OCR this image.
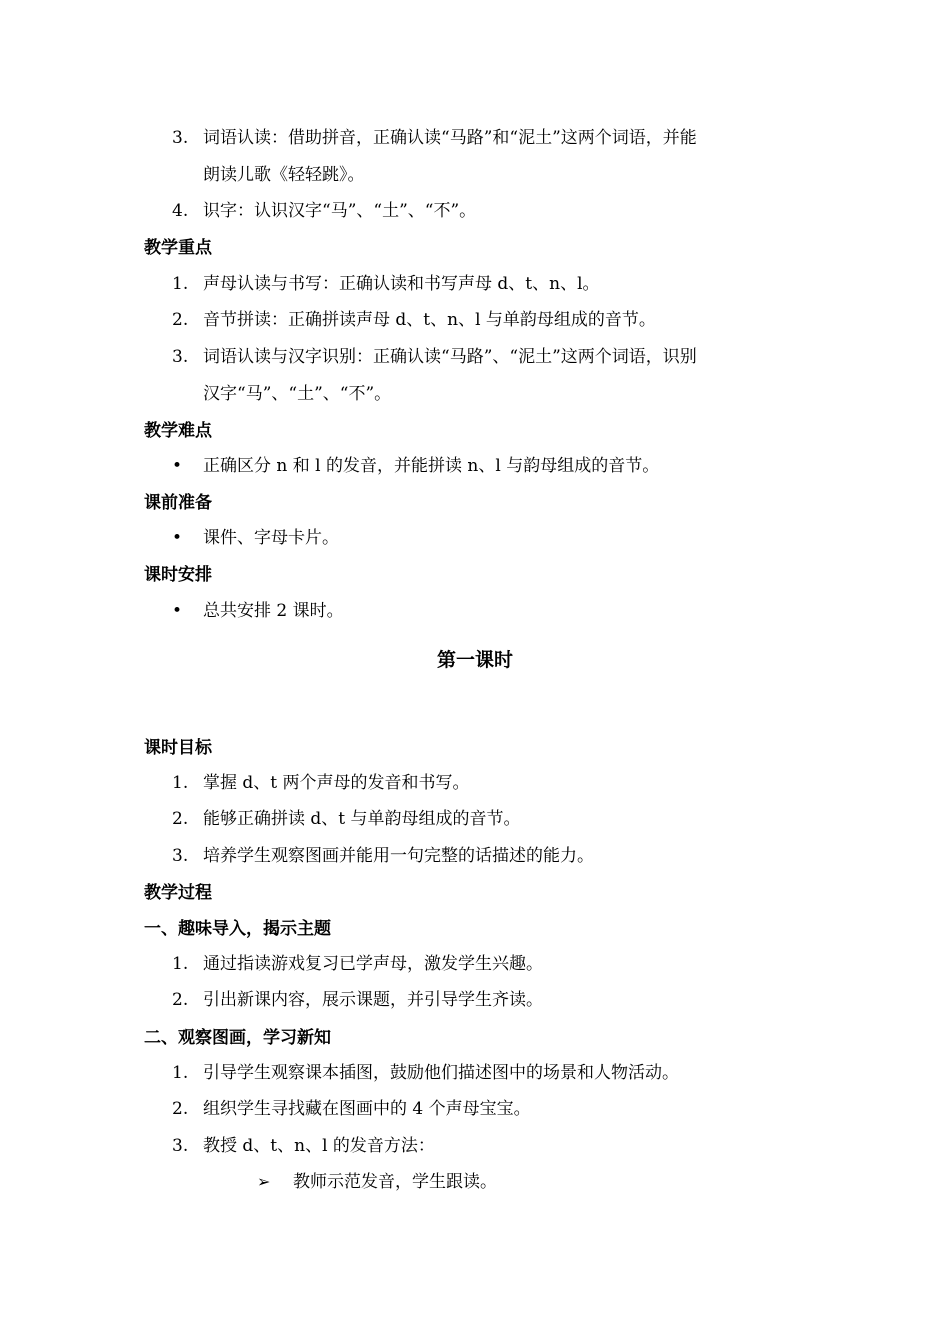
3. 词语认读：借助拼音，正确认读“马路”和“泥土”这两个词语，并能
朗读儿歌《轻轻跳》。
4. 识字：认识汉字“马”、“土”、“不”。
教学重点
1. 声母认读与书写：正确认读和书写声母 d、t、n、l。
2. 音节拼读：正确拼读声母 d、t、n、l 与单韵母组成的音节。
3. 词语认读与汉字识别：正确认读“马路”、“泥土”这两个词语，识别
汉字“马”、“土”、“不”。
教学难点
• 正确区分 n 和 l 的发音，并能拼读 n、l 与韵母组成的音节。
课前准备
• 课件、字母卡片。
课时安排
• 总共安排 2 课时。
第一课时
课时目标
1. 掌握 d、t 两个声母的发音和书写。
2. 能够正确拼读 d、t 与单韵母组成的音节。
3. 培养学生观察图画并能用一句完整的话描述的能力。
教学过程
一、趣味导入，揭示主题
1. 通过指读游戏复习已学声母，激发学生兴趣。
2. 引出新课内容，展示课题，并引导学生齐读。
二、观察图画，学习新知
1. 引导学生观察课本插图，鼓励他们描述图中的场景和人物活动。
2. 组织学生寻找藏在图画中的 4 个声母宝宝。
3. 教授 d、t、n、l 的发音方法：
➢ 教师示范发音，学生跟读。
